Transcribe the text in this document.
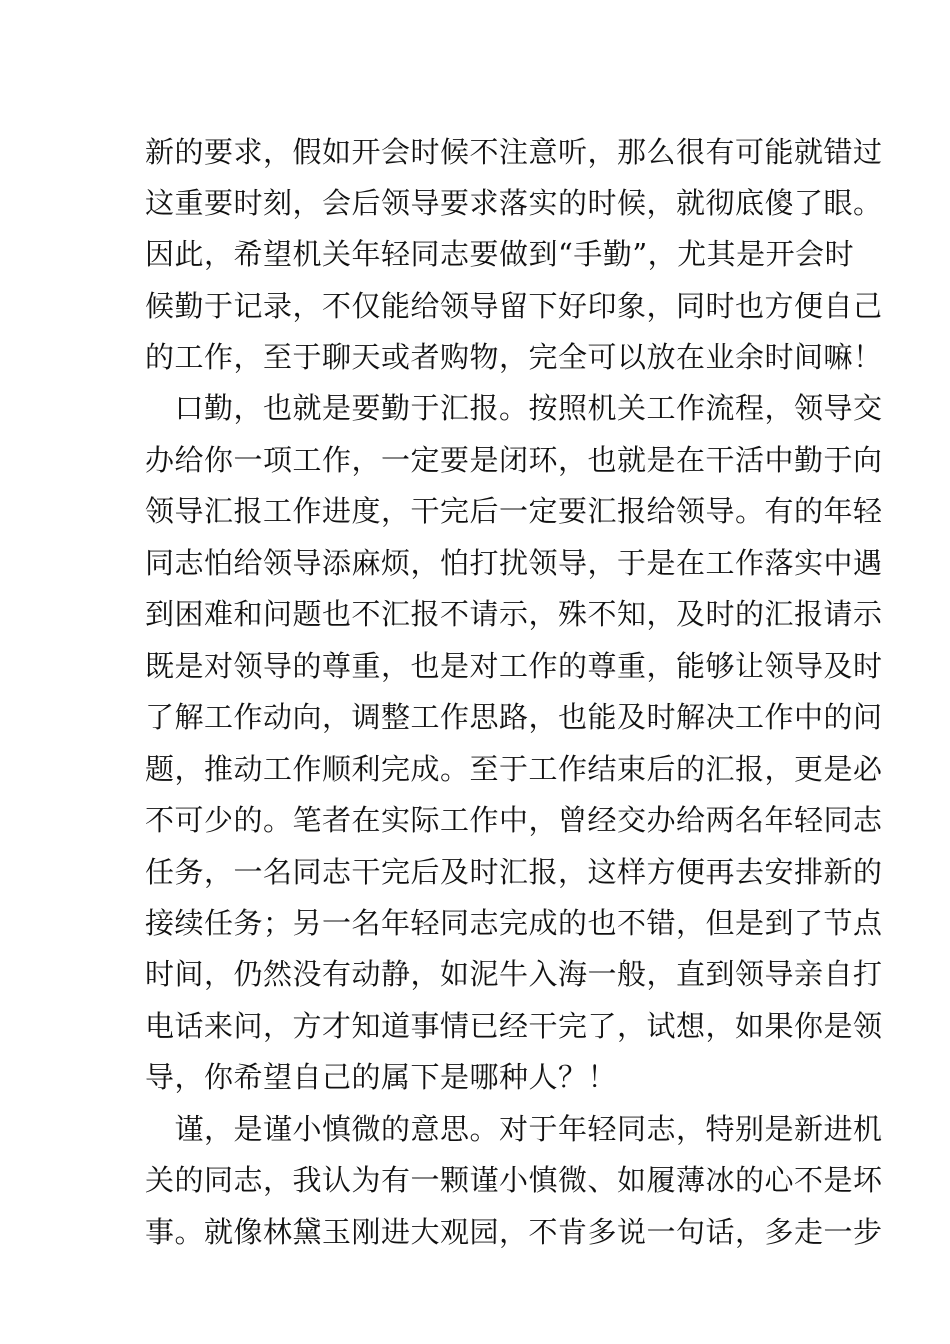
新的要求，假如开会时候不注意听，那么很有可能就错过
这重要时刻，会后领导要求落实的时候，就彻底傻了眼。
因此，希望机关年轻同志要做到“手勤”，尤其是开会时
候勤于记录，不仅能给领导留下好印象，同时也方便自己
的工作，至于聊天或者购物，完全可以放在业余时间嘛！
　口勤，也就是要勤于汇报。按照机关工作流程，领导交
办给你一项工作，一定要是闭环，也就是在干活中勤于向
领导汇报工作进度，干完后一定要汇报给领导。有的年轻
同志怕给领导添麻烦，怕打扰领导，于是在工作落实中遇
到困难和问题也不汇报不请示，殊不知，及时的汇报请示
既是对领导的尊重，也是对工作的尊重，能够让领导及时
了解工作动向，调整工作思路，也能及时解决工作中的问
题，推动工作顺利完成。至于工作结束后的汇报，更是必
不可少的。笔者在实际工作中，曾经交办给两名年轻同志
任务，一名同志干完后及时汇报，这样方便再去安排新的
接续任务；另一名年轻同志完成的也不错，但是到了节点
时间，仍然没有动静，如泥牛入海一般，直到领导亲自打
电话来问，方才知道事情已经干完了，试想，如果你是领
导，你希望自己的属下是哪种人？！
　谨，是谨小慎微的意思。对于年轻同志，特别是新进机
关的同志，我认为有一颗谨小慎微、如履薄冰的心不是坏
事。就像林黛玉刚进大观园，不肯多说一句话，多走一步
